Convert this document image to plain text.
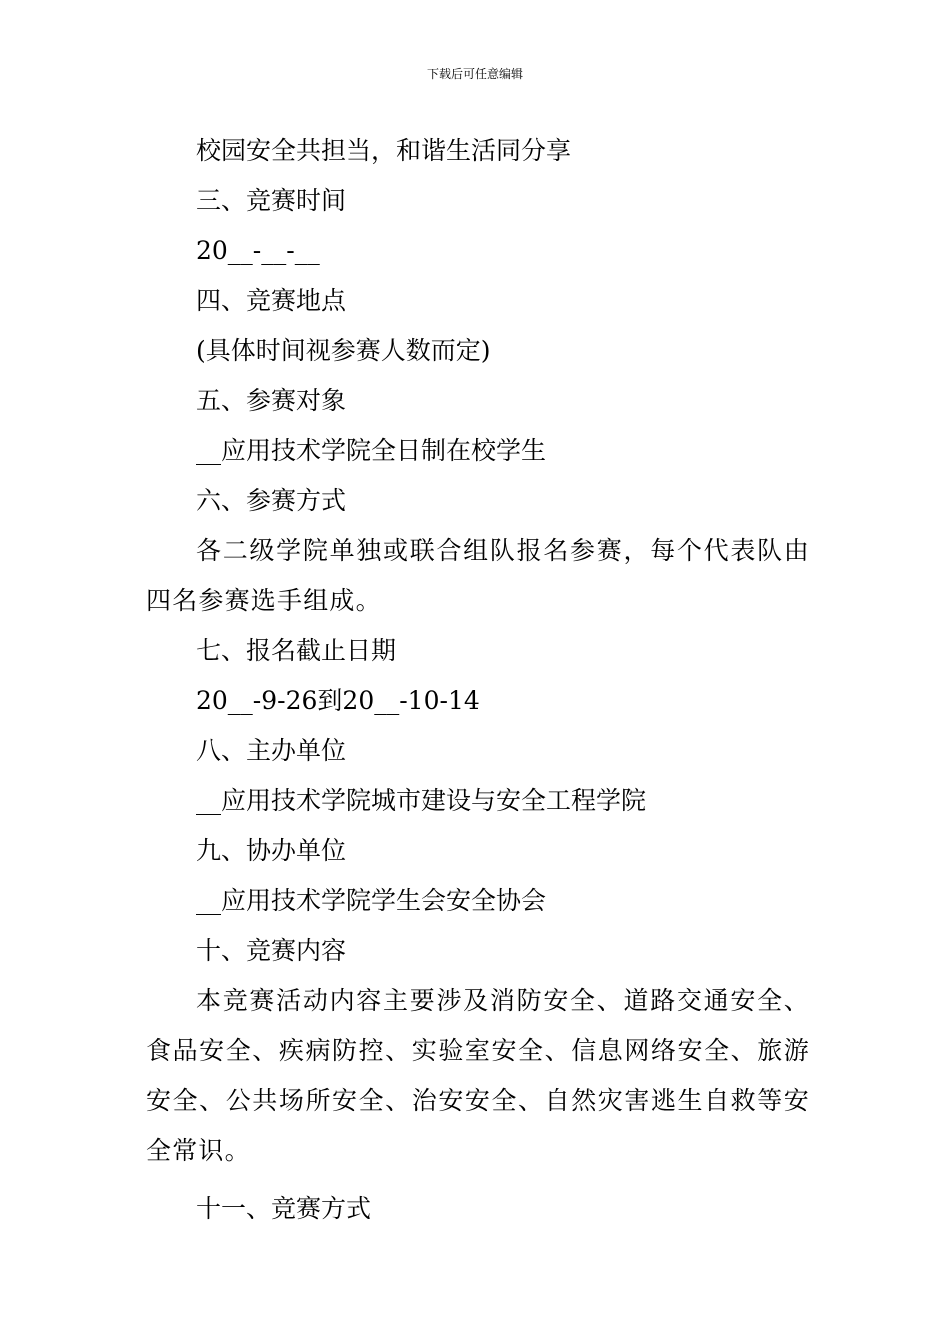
下载后可任意编辑

校园安全共担当，和谐生活同分享

三、竞赛时间

20__-__-__

四、竞赛地点

(具体时间视参赛人数而定)

五、参赛对象

__应用技术学院全日制在校学生

六、参赛方式

各二级学院单独或联合组队报名参赛，每个代表队由四名参赛选手组成。

七、报名截止日期

20__-9-26到20__-10-14

八、主办单位

__应用技术学院城市建设与安全工程学院

九、协办单位

__应用技术学院学生会安全协会

十、竞赛内容

本竞赛活动内容主要涉及消防安全、道路交通安全、食品安全、疾病防控、实验室安全、信息网络安全、旅游安全、公共场所安全、治安安全、自然灾害逃生自救等安全常识。

十一、竞赛方式
